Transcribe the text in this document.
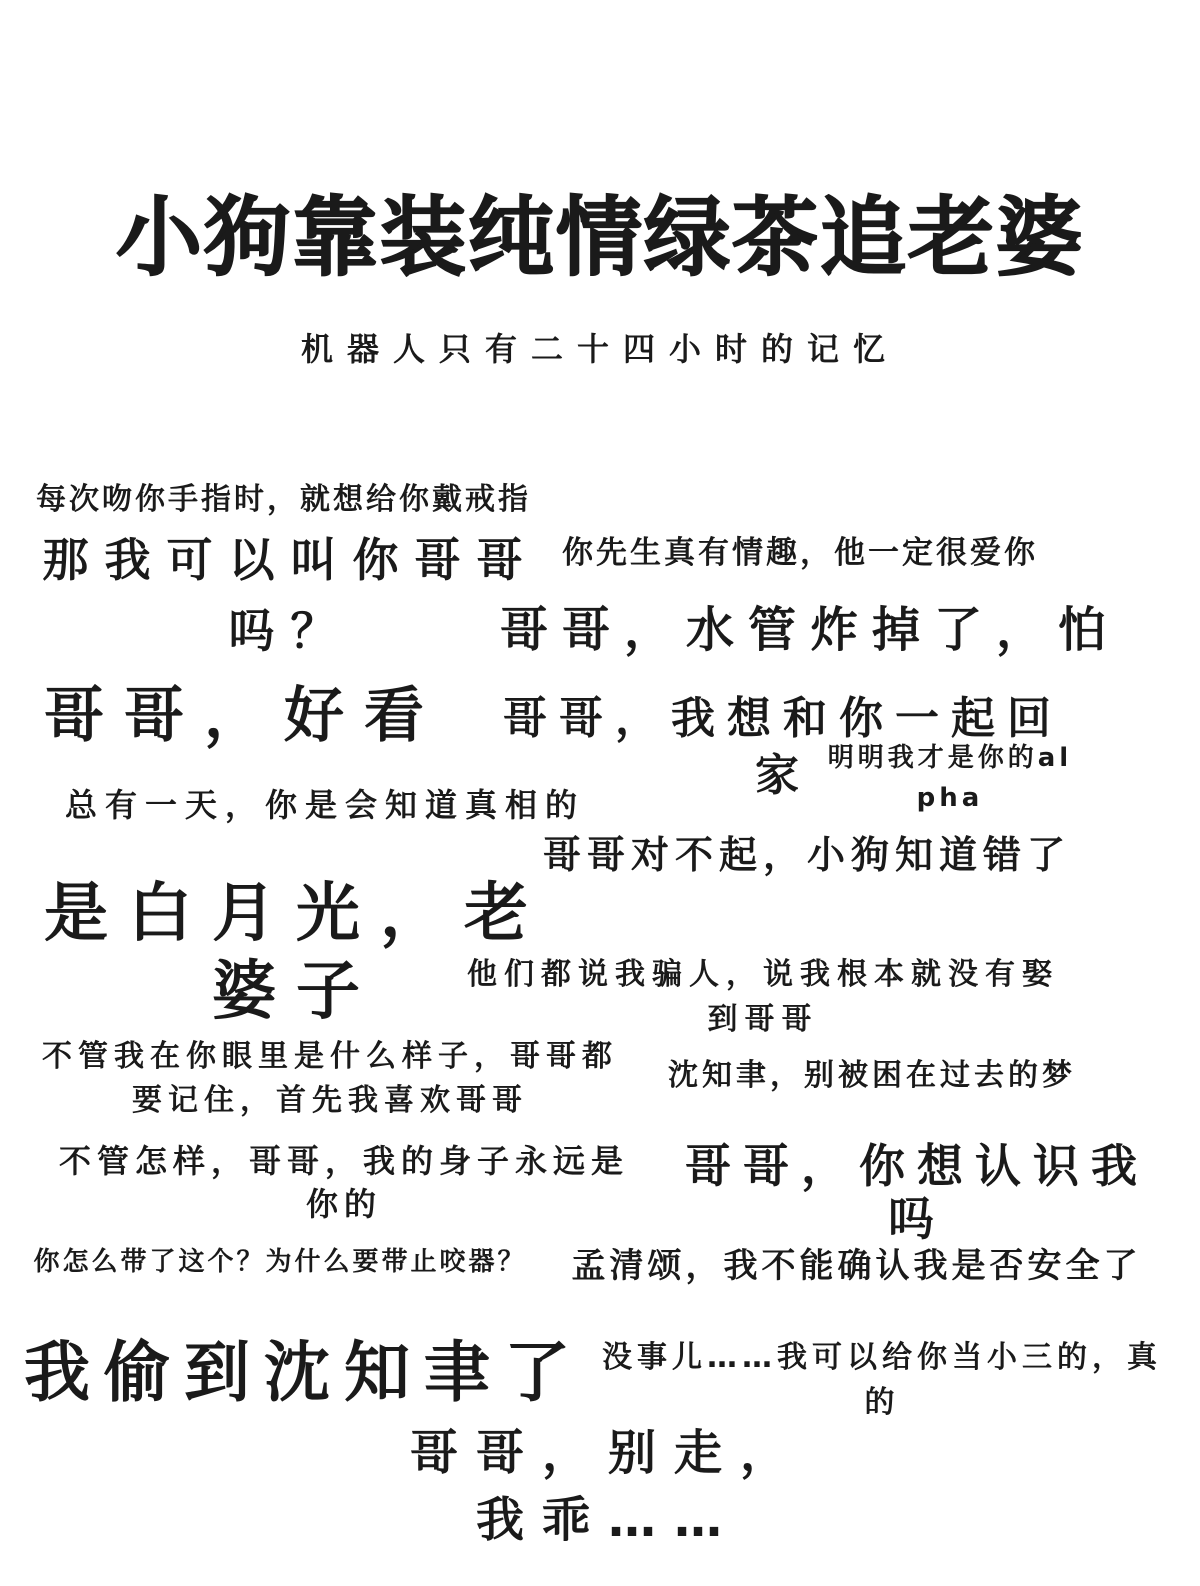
小狗靠装纯情绿茶追老婆
机器人只有二十四小时的记忆
每次吻你手指时，就想给你戴戒指
那我可以叫你哥哥吗？
你先生真有情趣，他一定很爱你
哥哥，水管炸掉了，怕
哥哥，好看	哥哥，我想和你一起回家 明明我才是你的alpha
总有一天，你是会知道真相的
哥哥对不起，小狗知道错了
是白月光，老婆子	他们都说我骗人，说我根本就没有娶到哥哥
不管我在你眼里是什么样子，哥哥都要记住，首先我喜欢哥哥
沈知聿，别被困在过去的梦
不管怎样，哥哥，我的身子永远是你的
哥哥，你想认识我吗
你怎么带了这个？为什么要带止咬器？	孟清颂，我不能确认我是否安全了
我偷到沈知聿了 没事儿……我可以给你当小三的，真的
哥哥，别走，我乖……
